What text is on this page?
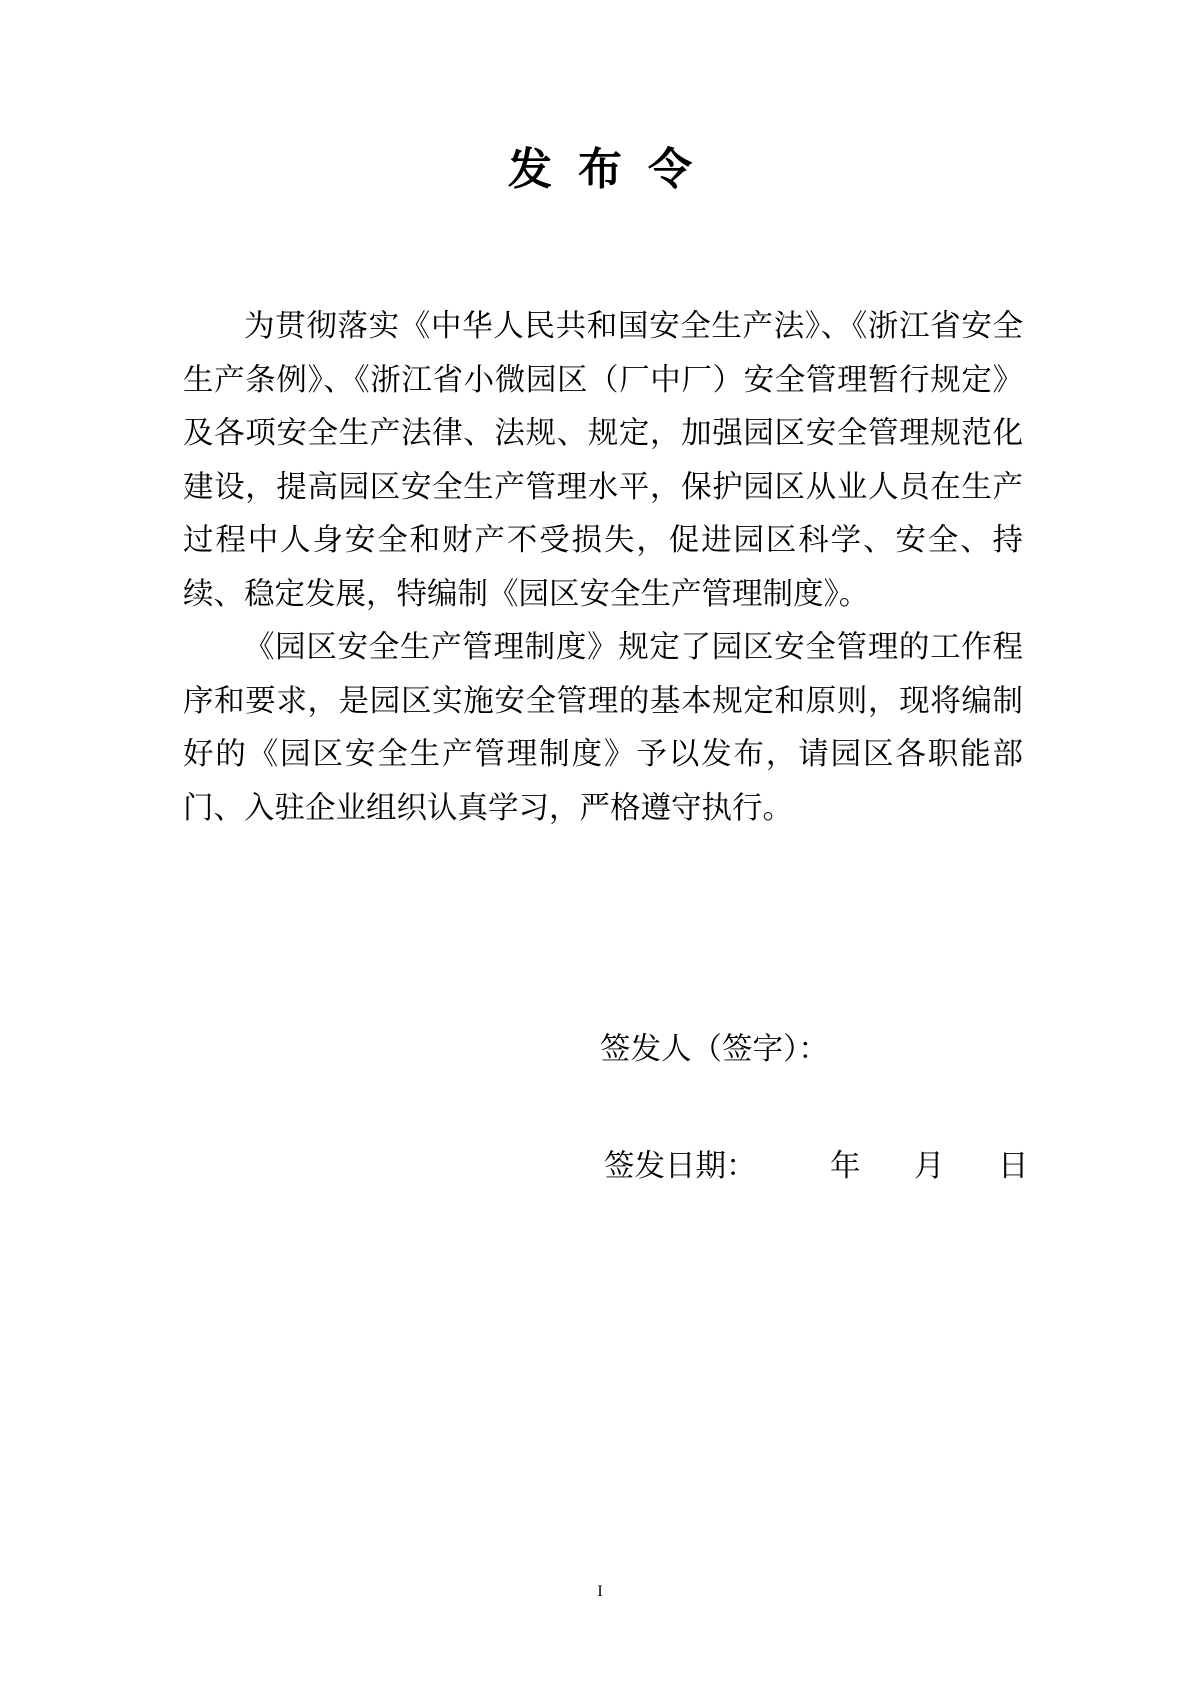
发布令

为贯彻落实《中华人民共和国安全生产法》、《浙江省安全生产条例》、《浙江省小微园区（厂中厂）安全管理暂行规定》及各项安全生产法律、法规、规定，加强园区安全管理规范化建设，提高园区安全生产管理水平，保护园区从业人员在生产过程中人身安全和财产不受损失，促进园区科学、安全、持续、稳定发展，特编制《园区安全生产管理制度》。

《园区安全生产管理制度》规定了园区安全管理的工作程序和要求，是园区实施安全管理的基本规定和原则，现将编制好的《园区安全生产管理制度》予以发布，请园区各职能部门、入驻企业组织认真学习，严格遵守执行。

签发人（签字）：
签发日期： 年 月 日
I
